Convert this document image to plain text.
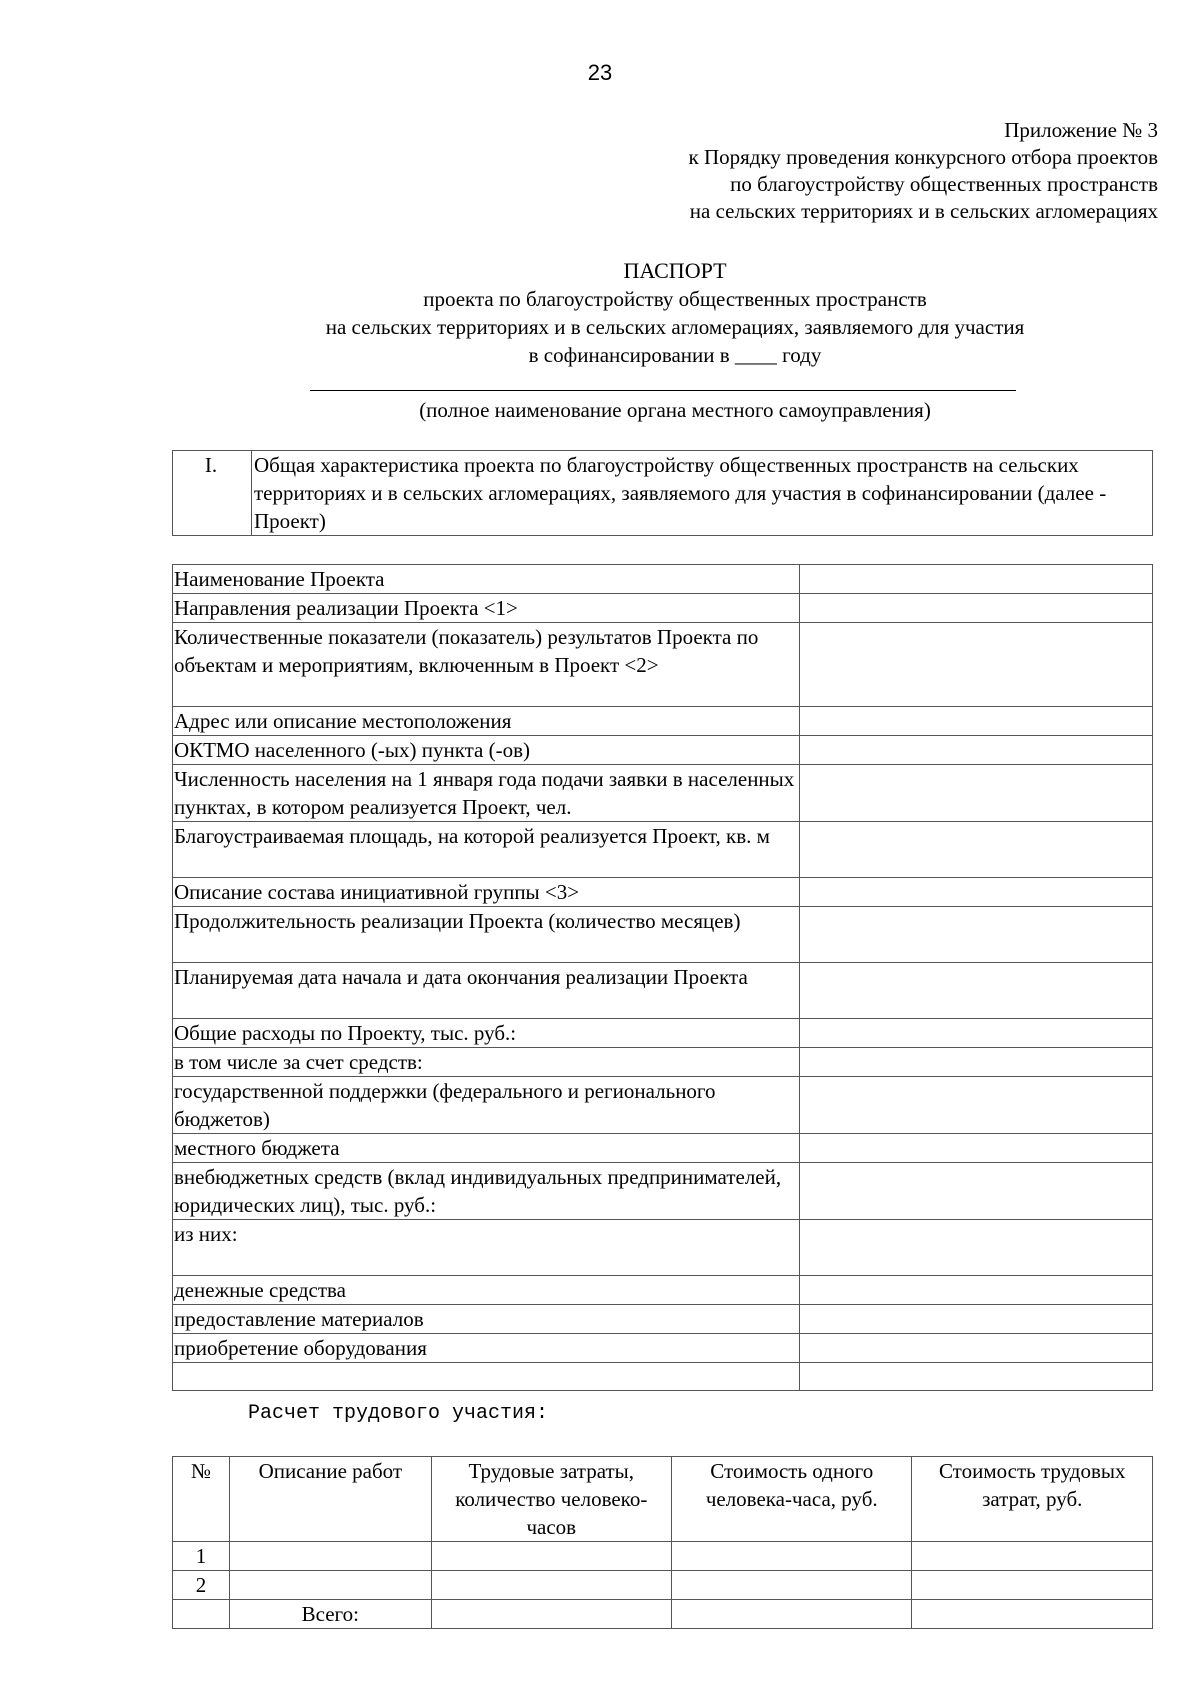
23
Приложение № 3
к Порядку проведения конкурсного отбора проектов
по благоустройству общественных пространств
на сельских территориях и в сельских агломерациях
ПАСПОРТ
проекта по благоустройству общественных пространств
на сельских территориях и в сельских агломерациях, заявляемого для участия
в софинансировании в ____ году
(полное наименование органа местного самоуправления)
I.	Общая характеристика проекта по благоустройству общественных пространств на сельских территориях и в сельских агломерациях, заявляемого для участия в софинансировании (далее - Проект)
Наименование Проекта	
Направления реализации Проекта <1>	
Количественные показатели (показатель) результатов Проекта по объектам и мероприятиям, включенным в Проект <2>	
Адрес или описание местоположения	
ОКТМО населенного (-ых) пункта (-ов)	
Численность населения на 1 января года подачи заявки в населенных пунктах, в котором реализуется Проект, чел.	
Благоустраиваемая площадь, на которой реализуется Проект, кв. м	
Описание состава инициативной группы <3>	
Продолжительность реализации Проекта (количество месяцев)	
Планируемая дата начала и дата окончания реализации Проекта	
Общие расходы по Проекту, тыс. руб.:	
в том числе за счет средств:	
государственной поддержки (федерального и регионального бюджетов)	
местного бюджета	
внебюджетных средств (вклад индивидуальных предпринимателей, юридических лиц), тыс. руб.:	
из них:	
денежные средства	
предоставление материалов	
приобретение оборудования	

Расчет трудового участия:
№	Описание работ	Трудовые затраты, количество человеко-часов	Стоимость одного человека-часа, руб.	Стоимость трудовых затрат, руб.
1				
2				
	Всего:			
